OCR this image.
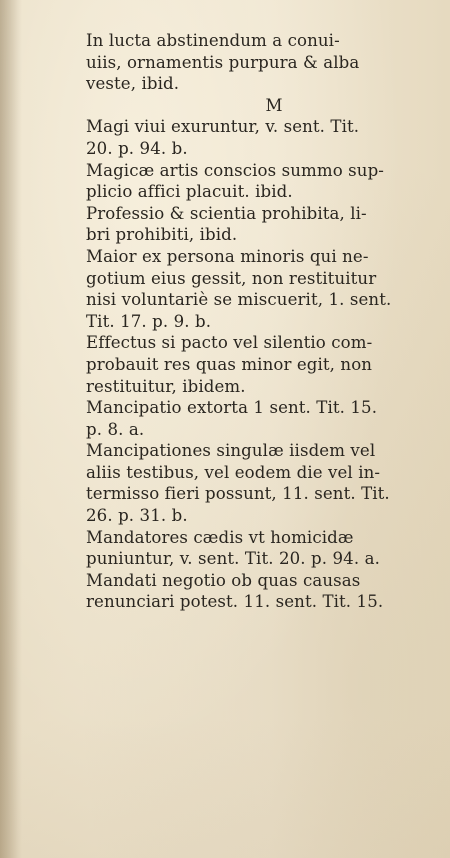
In lucta abstinendum a conui-
uiis, ornamentis purpura & alba
veste, ibid.
M
Magi viui exuruntur, v. sent. Tit.
20. p. 94. b.
Magicæ artis conscios summo sup-
plicio affici placuit. ibid.
Professio & scientia prohibita, li-
bri prohibiti, ibid.
Maior ex persona minoris qui ne-
gotium eius gessit, non restituitur
nisi voluntariè se miscuerit, 1. sent.
Tit. 17. p. 9. b.
Effectus si pacto vel silentio com-
probauit res quas minor egit, non
restituitur, ibidem.
Mancipatio extorta 1 sent. Tit. 15.
p. 8. a.
Mancipationes singulæ iisdem vel
aliis testibus, vel eodem die vel in-
termisso fieri possunt, 11. sent. Tit.
26. p. 31. b.
Mandatores cædis vt homicidæ
puniuntur, v. sent. Tit. 20. p. 94. a.
Mandati negotio ob quas causas
renunciari potest. 11. sent. Tit. 15.
